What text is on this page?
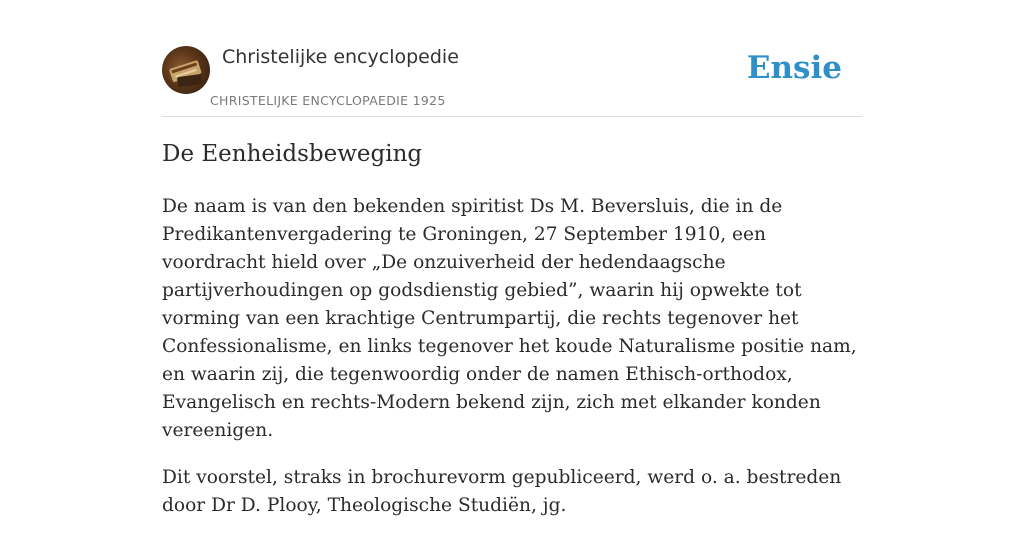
Christelijke encyclopedie
CHRISTELIJKE ENCYCLOPAEDIE 1925
Ensie
De Eenheidsbeweging

De naam is van den bekenden spiritist Ds M. Beversluis, die in de Predikantenvergadering te Groningen, 27 September 1910, een voordracht hield over „De onzuiverheid der hedendaagsche partijverhoudingen op godsdienstig gebied”, waarin hij opwekte tot vorming van een krachtige Centrumpartij, die rechts tegenover het Confessionalisme, en links tegenover het koude Naturalisme positie nam, en waarin zij, die tegenwoordig onder de namen Ethisch-orthodox, Evangelisch en rechts-Modern bekend zijn, zich met elkander konden vereenigen.

Dit voorstel, straks in brochurevorm gepubliceerd, werd o. a. bestreden door Dr D. Plooy, Theologische Studiën, jg.
